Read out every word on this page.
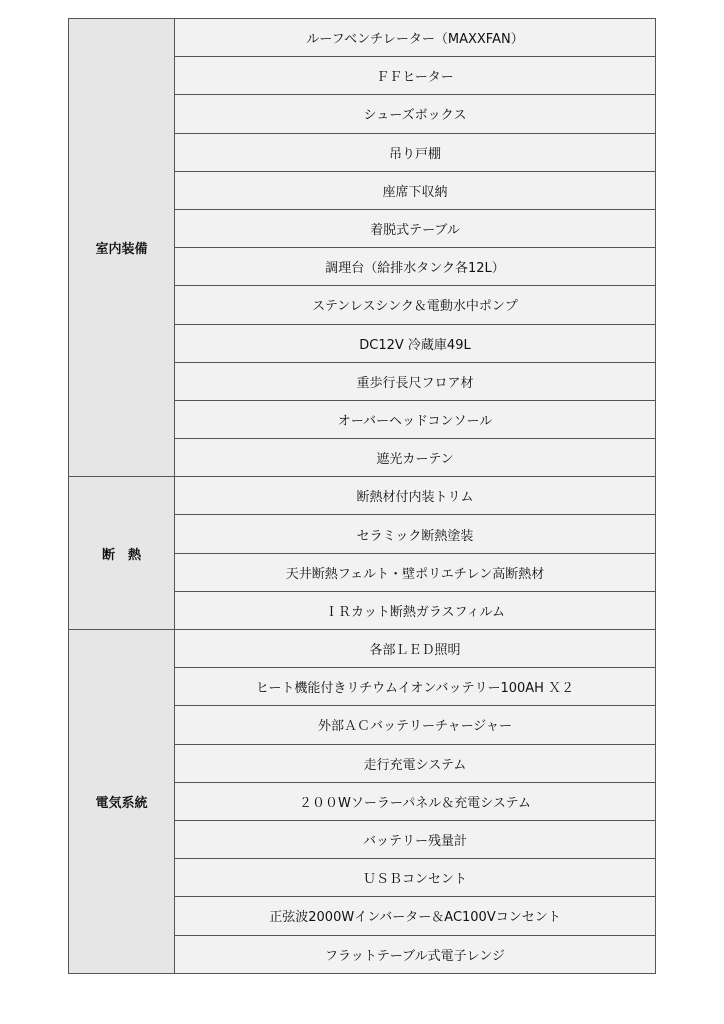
室内装備	ルーフベンチレーター（MAXXFAN）
	ＦＦヒーター
	シューズボックス
	吊り戸棚
	座席下収納
	着脱式テーブル
	調理台（給排水タンク各12L）
	ステンレスシンク＆電動水中ポンプ
	DC12V 冷蔵庫49L
	重歩行長尺フロア材
	オーバーヘッドコンソール
	遮光カーテン
断　熱	断熱材付内装トリム
	セラミック断熱塗装
	天井断熱フェルト・壁ポリエチレン高断熱材
	ＩＲカット断熱ガラスフィルム
電気系統	各部ＬＥＤ照明
	ヒート機能付きリチウムイオンバッテリー100AH Ｘ２
	外部ＡＣバッテリーチャージャー
	走行充電システム
	２００Wソーラーパネル＆充電システム
	バッテリー残量計
	ＵＳＢコンセント
	正弦波2000Wインバーター＆AC100Vコンセント
	フラットテーブル式電子レンジ
